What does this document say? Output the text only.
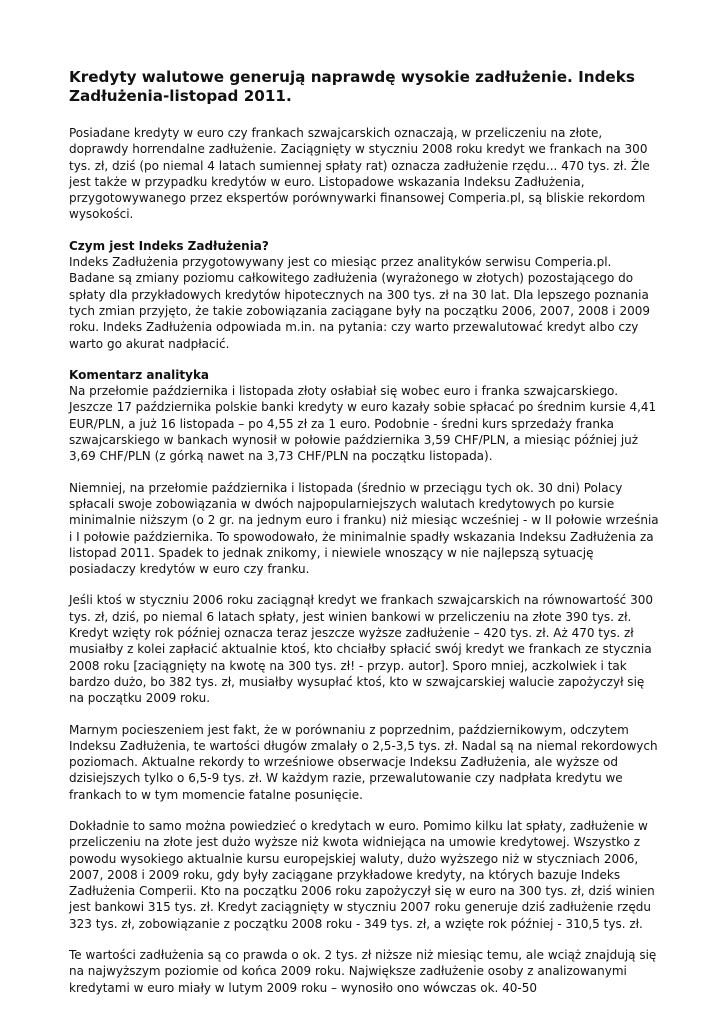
Kredyty walutowe generują naprawdę wysokie zadłużenie. Indeks Zadłużenia-listopad 2011.

Posiadane kredyty w euro czy frankach szwajcarskich oznaczają, w przeliczeniu na złote, doprawdy horrendalne zadłużenie. Zaciągnięty w styczniu 2008 roku kredyt we frankach na 300 tys. zł, dziś (po niemal 4 latach sumiennej spłaty rat) oznacza zadłużenie rzędu... 470 tys. zł. Źle jest także w przypadku kredytów w euro. Listopadowe wskazania Indeksu Zadłużenia, przygotowywanego przez ekspertów porównywarki finansowej Comperia.pl, są bliskie rekordom wysokości.

Czym jest Indeks Zadłużenia?
Indeks Zadłużenia przygotowywany jest co miesiąc przez analityków serwisu Comperia.pl. Badane są zmiany poziomu całkowitego zadłużenia (wyrażonego w złotych) pozostającego do spłaty dla przykładowych kredytów hipotecznych na 300 tys. zł na 30 lat. Dla lepszego poznania tych zmian przyjęto, że takie zobowiązania zaciągane były na początku 2006, 2007, 2008 i 2009 roku. Indeks Zadłużenia odpowiada m.in. na pytania: czy warto przewalutować kredyt albo czy warto go akurat nadpłacić.
Komentarz analityka
Na przełomie października i listopada złoty osłabiał się wobec euro i franka szwajcarskiego. Jeszcze 17 października polskie banki kredyty w euro kazały sobie spłacać po średnim kursie 4,41 EUR/PLN, a już 16 listopada – po 4,55 zł za 1 euro. Podobnie - średni kurs sprzedaży franka szwajcarskiego w bankach wynosił w połowie października 3,59 CHF/PLN, a miesiąc później już 3,69 CHF/PLN (z górką nawet na 3,73 CHF/PLN na początku listopada).

Niemniej, na przełomie października i listopada (średnio w przeciągu tych ok. 30 dni) Polacy spłacali swoje zobowiązania w dwóch najpopularniejszych walutach kredytowych po kursie minimalnie niższym (o 2 gr. na jednym euro i franku) niż miesiąc wcześniej - w II połowie września i I połowie października. To spowodowało, że minimalnie spadły wskazania Indeksu Zadłużenia za listopad 2011. Spadek to jednak znikomy, i niewiele wnoszący w nie najlepszą sytuację posiadaczy kredytów w euro czy franku.

Jeśli ktoś w styczniu 2006 roku zaciągnął kredyt we frankach szwajcarskich na równowartość 300 tys. zł, dziś, po niemal 6 latach spłaty, jest winien bankowi w przeliczeniu na złote 390 tys. zł. Kredyt wzięty rok później oznacza teraz jeszcze wyższe zadłużenie – 420 tys. zł. Aż 470 tys. zł musiałby z kolei zapłacić aktualnie ktoś, kto chciałby spłacić swój kredyt we frankach ze stycznia 2008 roku [zaciągnięty na kwotę na 300 tys. zł! - przyp. autor]. Sporo mniej, aczkolwiek i tak bardzo dużo, bo 382 tys. zł, musiałby wysupłać ktoś, kto w szwajcarskiej walucie zapożyczył się na początku 2009 roku.

Marnym pocieszeniem jest fakt, że w porównaniu z poprzednim, październikowym, odczytem Indeksu Zadłużenia, te wartości długów zmalały o 2,5-3,5 tys. zł. Nadal są na niemal rekordowych poziomach. Aktualne rekordy to wrześniowe obserwacje Indeksu Zadłużenia, ale wyższe od dzisiejszych tylko o 6,5-9 tys. zł. W każdym razie, przewalutowanie czy nadpłata kredytu we frankach to w tym momencie fatalne posunięcie.

Dokładnie to samo można powiedzieć o kredytach w euro. Pomimo kilku lat spłaty, zadłużenie w przeliczeniu na złote jest dużo wyższe niż kwota widniejąca na umowie kredytowej. Wszystko z powodu wysokiego aktualnie kursu europejskiej waluty, dużo wyższego niż w styczniach 2006, 2007, 2008 i 2009 roku, gdy były zaciągane przykładowe kredyty, na których bazuje Indeks Zadłużenia Comperii. Kto na początku 2006 roku zapożyczył się w euro na 300 tys. zł, dziś winien jest bankowi 315 tys. zł. Kredyt zaciągnięty w styczniu 2007 roku generuje dziś zadłużenie rzędu 323 tys. zł, zobowiązanie z początku 2008 roku - 349 tys. zł, a wzięte rok później - 310,5 tys. zł.

Te wartości zadłużenia są co prawda o ok. 2 tys. zł niższe niż miesiąc temu, ale wciąż znajdują się na najwyższym poziomie od końca 2009 roku. Największe zadłużenie osoby z analizowanymi kredytami w euro miały w lutym 2009 roku – wynosiło ono wówczas ok. 40-50
